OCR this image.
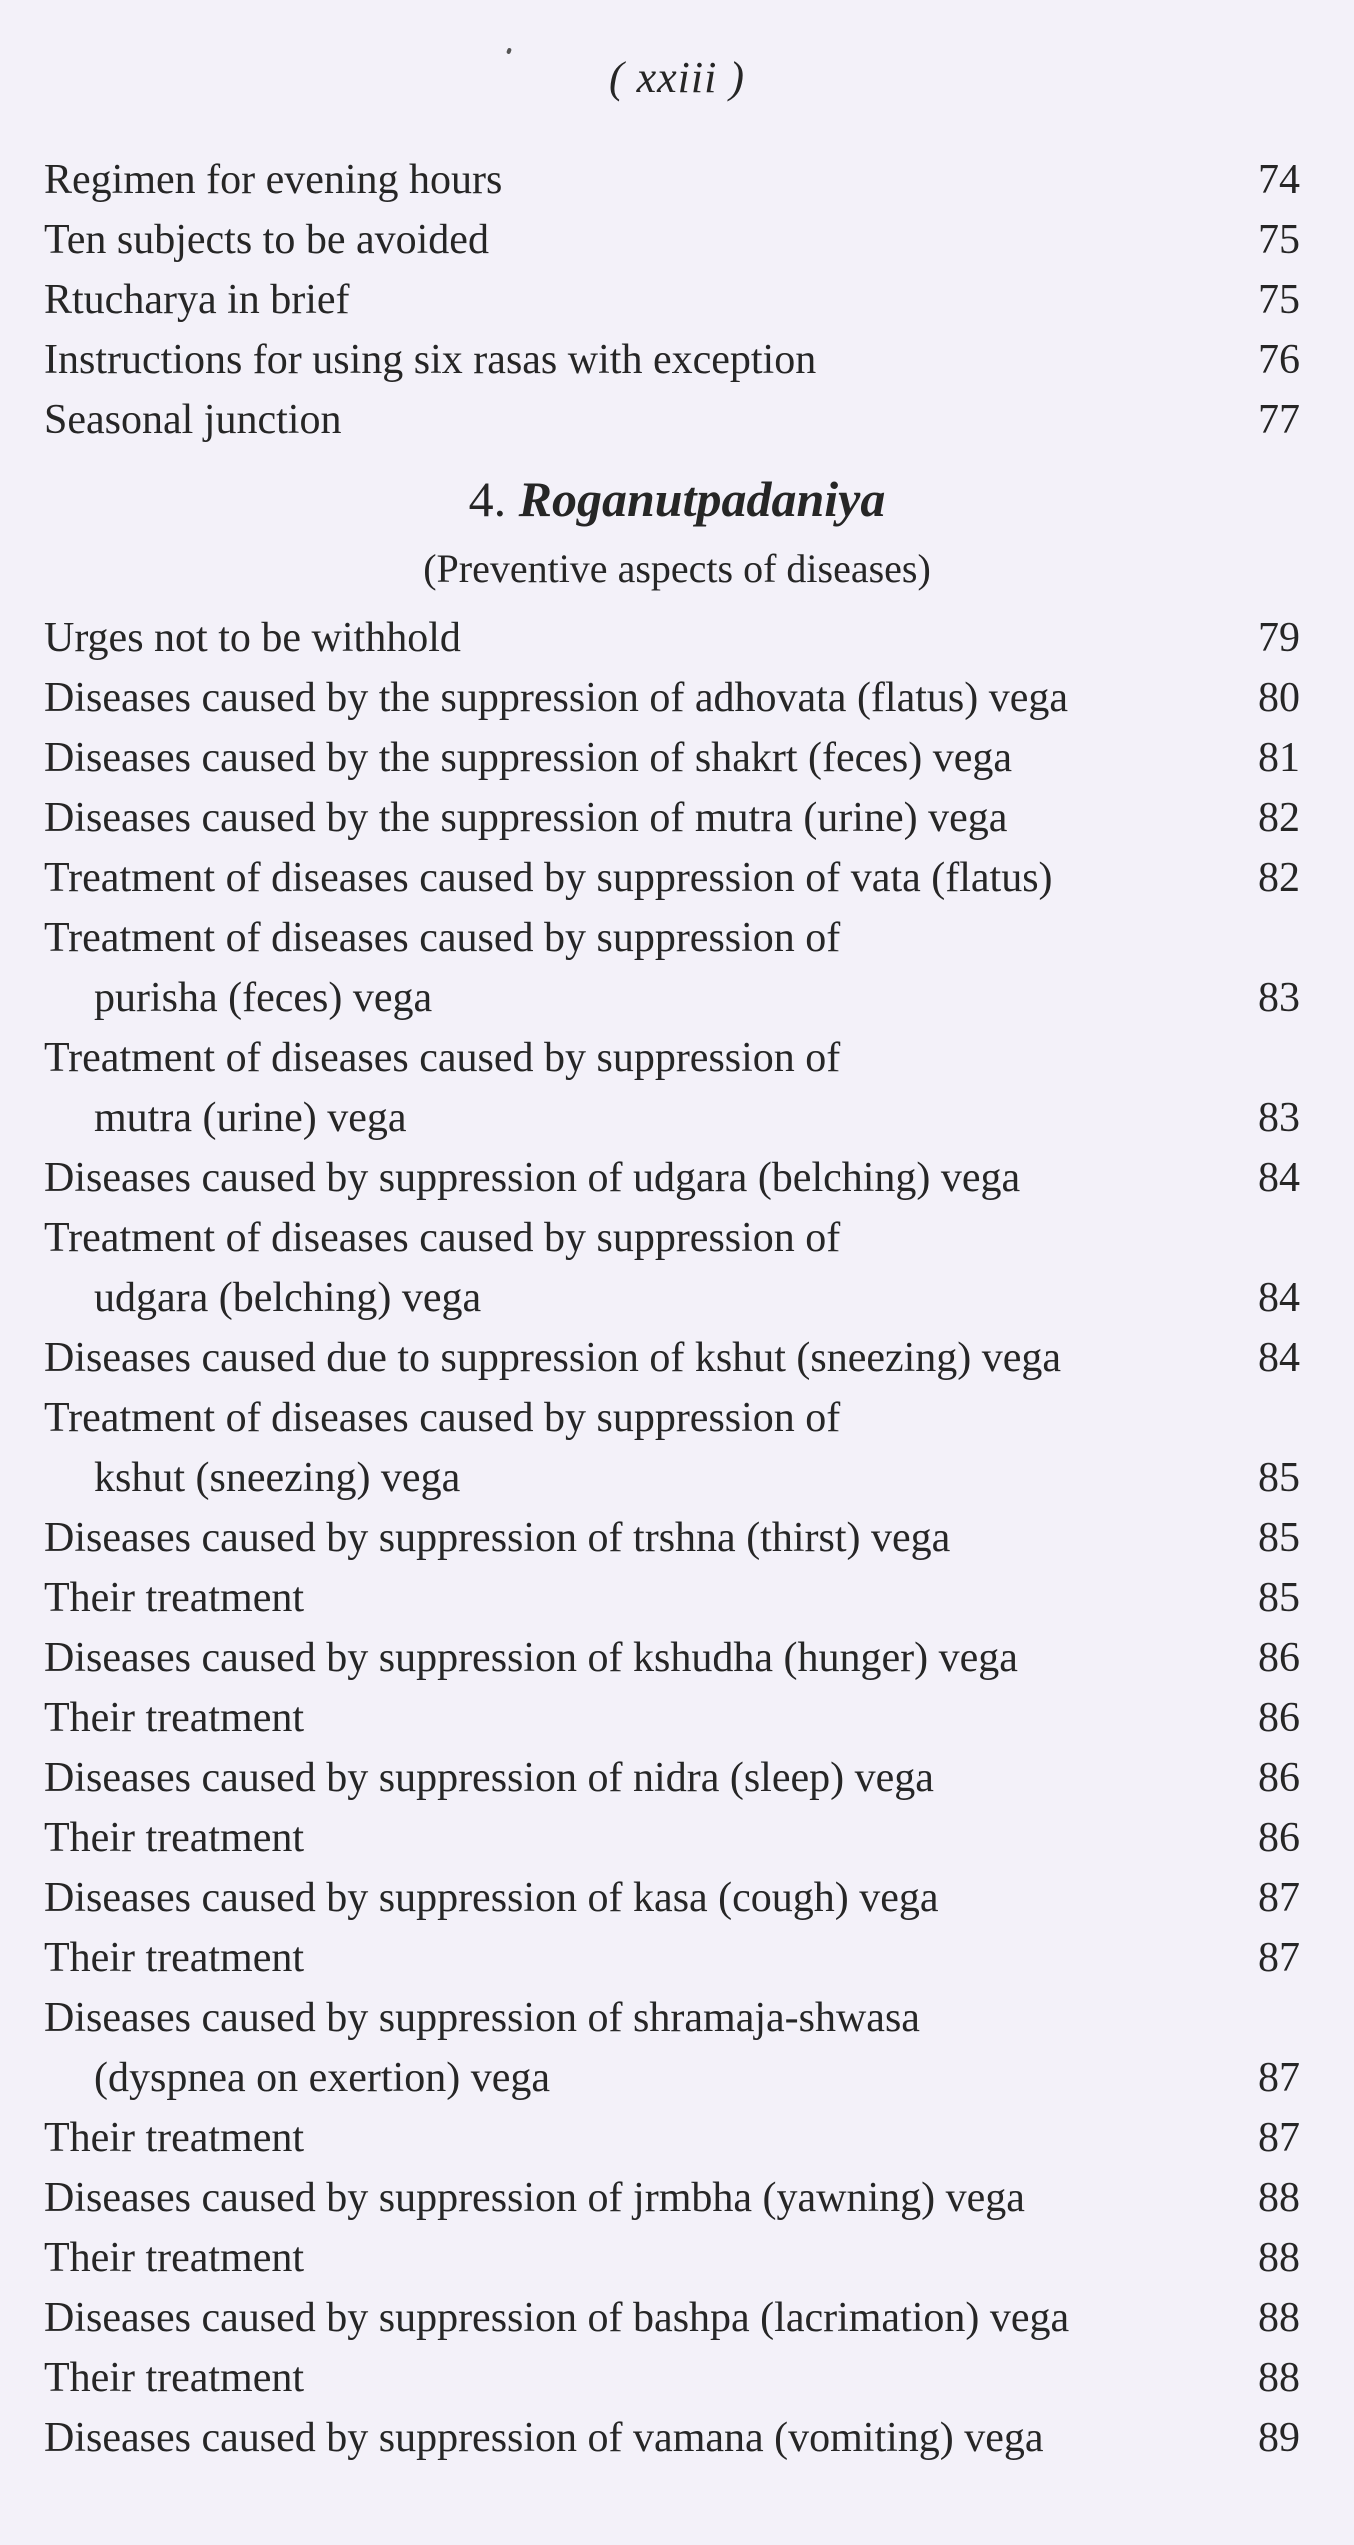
( xxiii )
Regimen for evening hours	74
Ten subjects to be avoided	75
Rtucharya in brief	75
Instructions for using six rasas with exception	76
Seasonal junction	77
4. Roganutpadaniya
(Preventive aspects of diseases)
Urges not to be withhold	79
Diseases caused by the suppression of adhovata (flatus) vega	80
Diseases caused by the suppression of shakrt (feces) vega	81
Diseases caused by the suppression of mutra (urine) vega	82
Treatment of diseases caused by suppression of vata (flatus)	82
Treatment of diseases caused by suppression of
purisha (feces) vega	83
Treatment of diseases caused by suppression of
mutra (urine) vega	83
Diseases caused by suppression of udgara (belching) vega	84
Treatment of diseases caused by suppression of
udgara (belching) vega	84
Diseases caused due to suppression of kshut (sneezing) vega	84
Treatment of diseases caused by suppression of
kshut (sneezing) vega	85
Diseases caused by suppression of trshna (thirst) vega	85
Their treatment	85
Diseases caused by suppression of kshudha (hunger) vega	86
Their treatment	86
Diseases caused by suppression of nidra (sleep) vega	86
Their treatment	86
Diseases caused by suppression of kasa (cough) vega	87
Their treatment	87
Diseases caused by suppression of shramaja-shwasa
(dyspnea on exertion) vega	87
Their treatment	87
Diseases caused by suppression of jrmbha (yawning) vega	88
Their treatment	88
Diseases caused by suppression of bashpa (lacrimation) vega	88
Their treatment	88
Diseases caused by suppression of vamana (vomiting) vega	89
